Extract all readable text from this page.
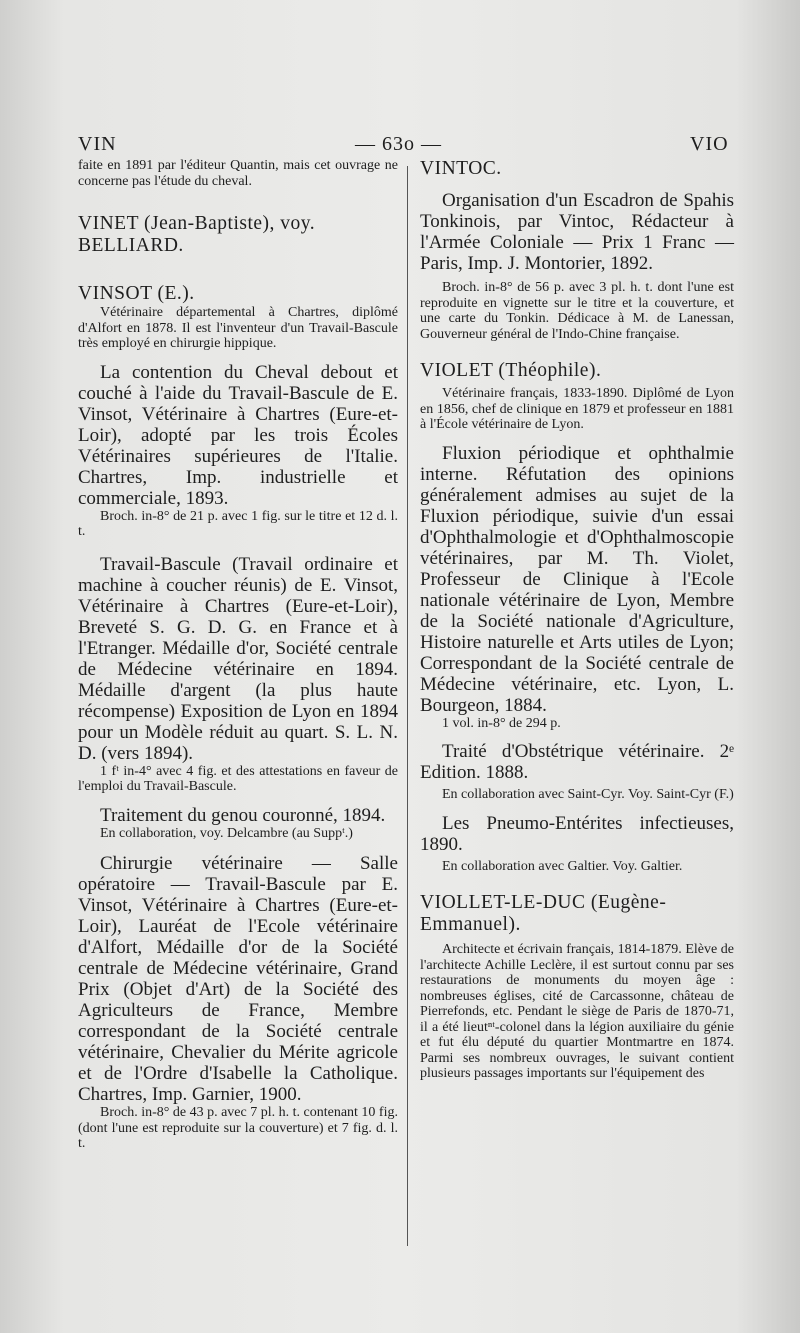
VIN	— 63o —	VIO

faite en 1891 par l'éditeur Quantin, mais cet ouvrage ne concerne pas l'étude du cheval.

VINET (Jean-Baptiste), voy. BELLIARD.

VINSOT (E.).

Vétérinaire départemental à Chartres, diplômé d'Alfort en 1878. Il est l'inventeur d'un Travail-Bascule très employé en chirurgie hippique.

La contention du Cheval debout et couché à l'aide du Travail-Bascule de E. Vinsot, Vétérinaire à Chartres (Eure-et-Loir), adopté par les trois Écoles Vétérinaires supérieures de l'Italie. Chartres, Imp. industrielle et commerciale, 1893.

Broch. in-8° de 21 p. avec 1 fig. sur le titre et 12 d. l. t.

Travail-Bascule (Travail ordinaire et machine à coucher réunis) de E. Vinsot, Vétérinaire à Chartres (Eure-et-Loir), Breveté S. G. D. G. en France et à l'Etranger. Médaille d'or, Société centrale de Médecine vétérinaire en 1894. Médaille d'argent (la plus haute récompense) Exposition de Lyon en 1894 pour un Modèle réduit au quart. S. L. N. D. (vers 1894).

1 fᵗ in-4° avec 4 fig. et des attestations en faveur de l'emploi du Travail-Bascule.

Traitement du genou couronné, 1894.

En collaboration, voy. Delcambre (au Suppᵗ.)

Chirurgie vétérinaire — Salle opératoire — Travail-Bascule par E. Vinsot, Vétérinaire à Chartres (Eure-et-Loir), Lauréat de l'Ecole vétérinaire d'Alfort, Médaille d'or de la Société centrale de Médecine vétérinaire, Grand Prix (Objet d'Art) de la Société des Agriculteurs de France, Membre correspondant de la Société centrale vétérinaire, Chevalier du Mérite agricole et de l'Ordre d'Isabelle la Catholique. Chartres, Imp. Garnier, 1900.

Broch. in-8° de 43 p. avec 7 pl. h. t. contenant 10 fig. (dont l'une est reproduite sur la couverture) et 7 fig. d. l. t.

VINTOC.

Organisation d'un Escadron de Spahis Tonkinois, par Vintoc, Rédacteur à l'Armée Coloniale — Prix 1 Franc — Paris, Imp. J. Montorier, 1892.

Broch. in-8° de 56 p. avec 3 pl. h. t. dont l'une est reproduite en vignette sur le titre et la couverture, et une carte du Tonkin. Dédicace à M. de Lanessan, Gouverneur général de l'Indo-Chine française.

VIOLET (Théophile).

Vétérinaire français, 1833-1890. Diplômé de Lyon en 1856, chef de clinique en 1879 et professeur en 1881 à l'École vétérinaire de Lyon.

Fluxion périodique et ophthalmie interne. Réfutation des opinions généralement admises au sujet de la Fluxion périodique, suivie d'un essai d'Ophthalmologie et d'Ophthalmoscopie vétérinaires, par M. Th. Violet, Professeur de Clinique à l'Ecole nationale vétérinaire de Lyon, Membre de la Société nationale d'Agriculture, Histoire naturelle et Arts utiles de Lyon; Correspondant de la Société centrale de Médecine vétérinaire, etc. Lyon, L. Bourgeon, 1884.

1 vol. in-8° de 294 p.

Traité d'Obstétrique vétérinaire. 2ᵉ Edition. 1888.

En collaboration avec Saint-Cyr. Voy. Saint-Cyr (F.)

Les Pneumo-Entérites infectieuses, 1890.

En collaboration avec Galtier. Voy. Galtier.

VIOLLET-LE-DUC (Eugène-Emmanuel).

Architecte et écrivain français, 1814-1879. Elève de l'architecte Achille Leclère, il est surtout connu par ses restaurations de monuments du moyen âge : nombreuses églises, cité de Carcassonne, château de Pierrefonds, etc. Pendant le siège de Paris de 1870-71, il a été lieutⁿᵗ-colonel dans la légion auxiliaire du génie et fut élu député du quartier Montmartre en 1874. Parmi ses nombreux ouvrages, le suivant contient plusieurs passages importants sur l'équipement des
